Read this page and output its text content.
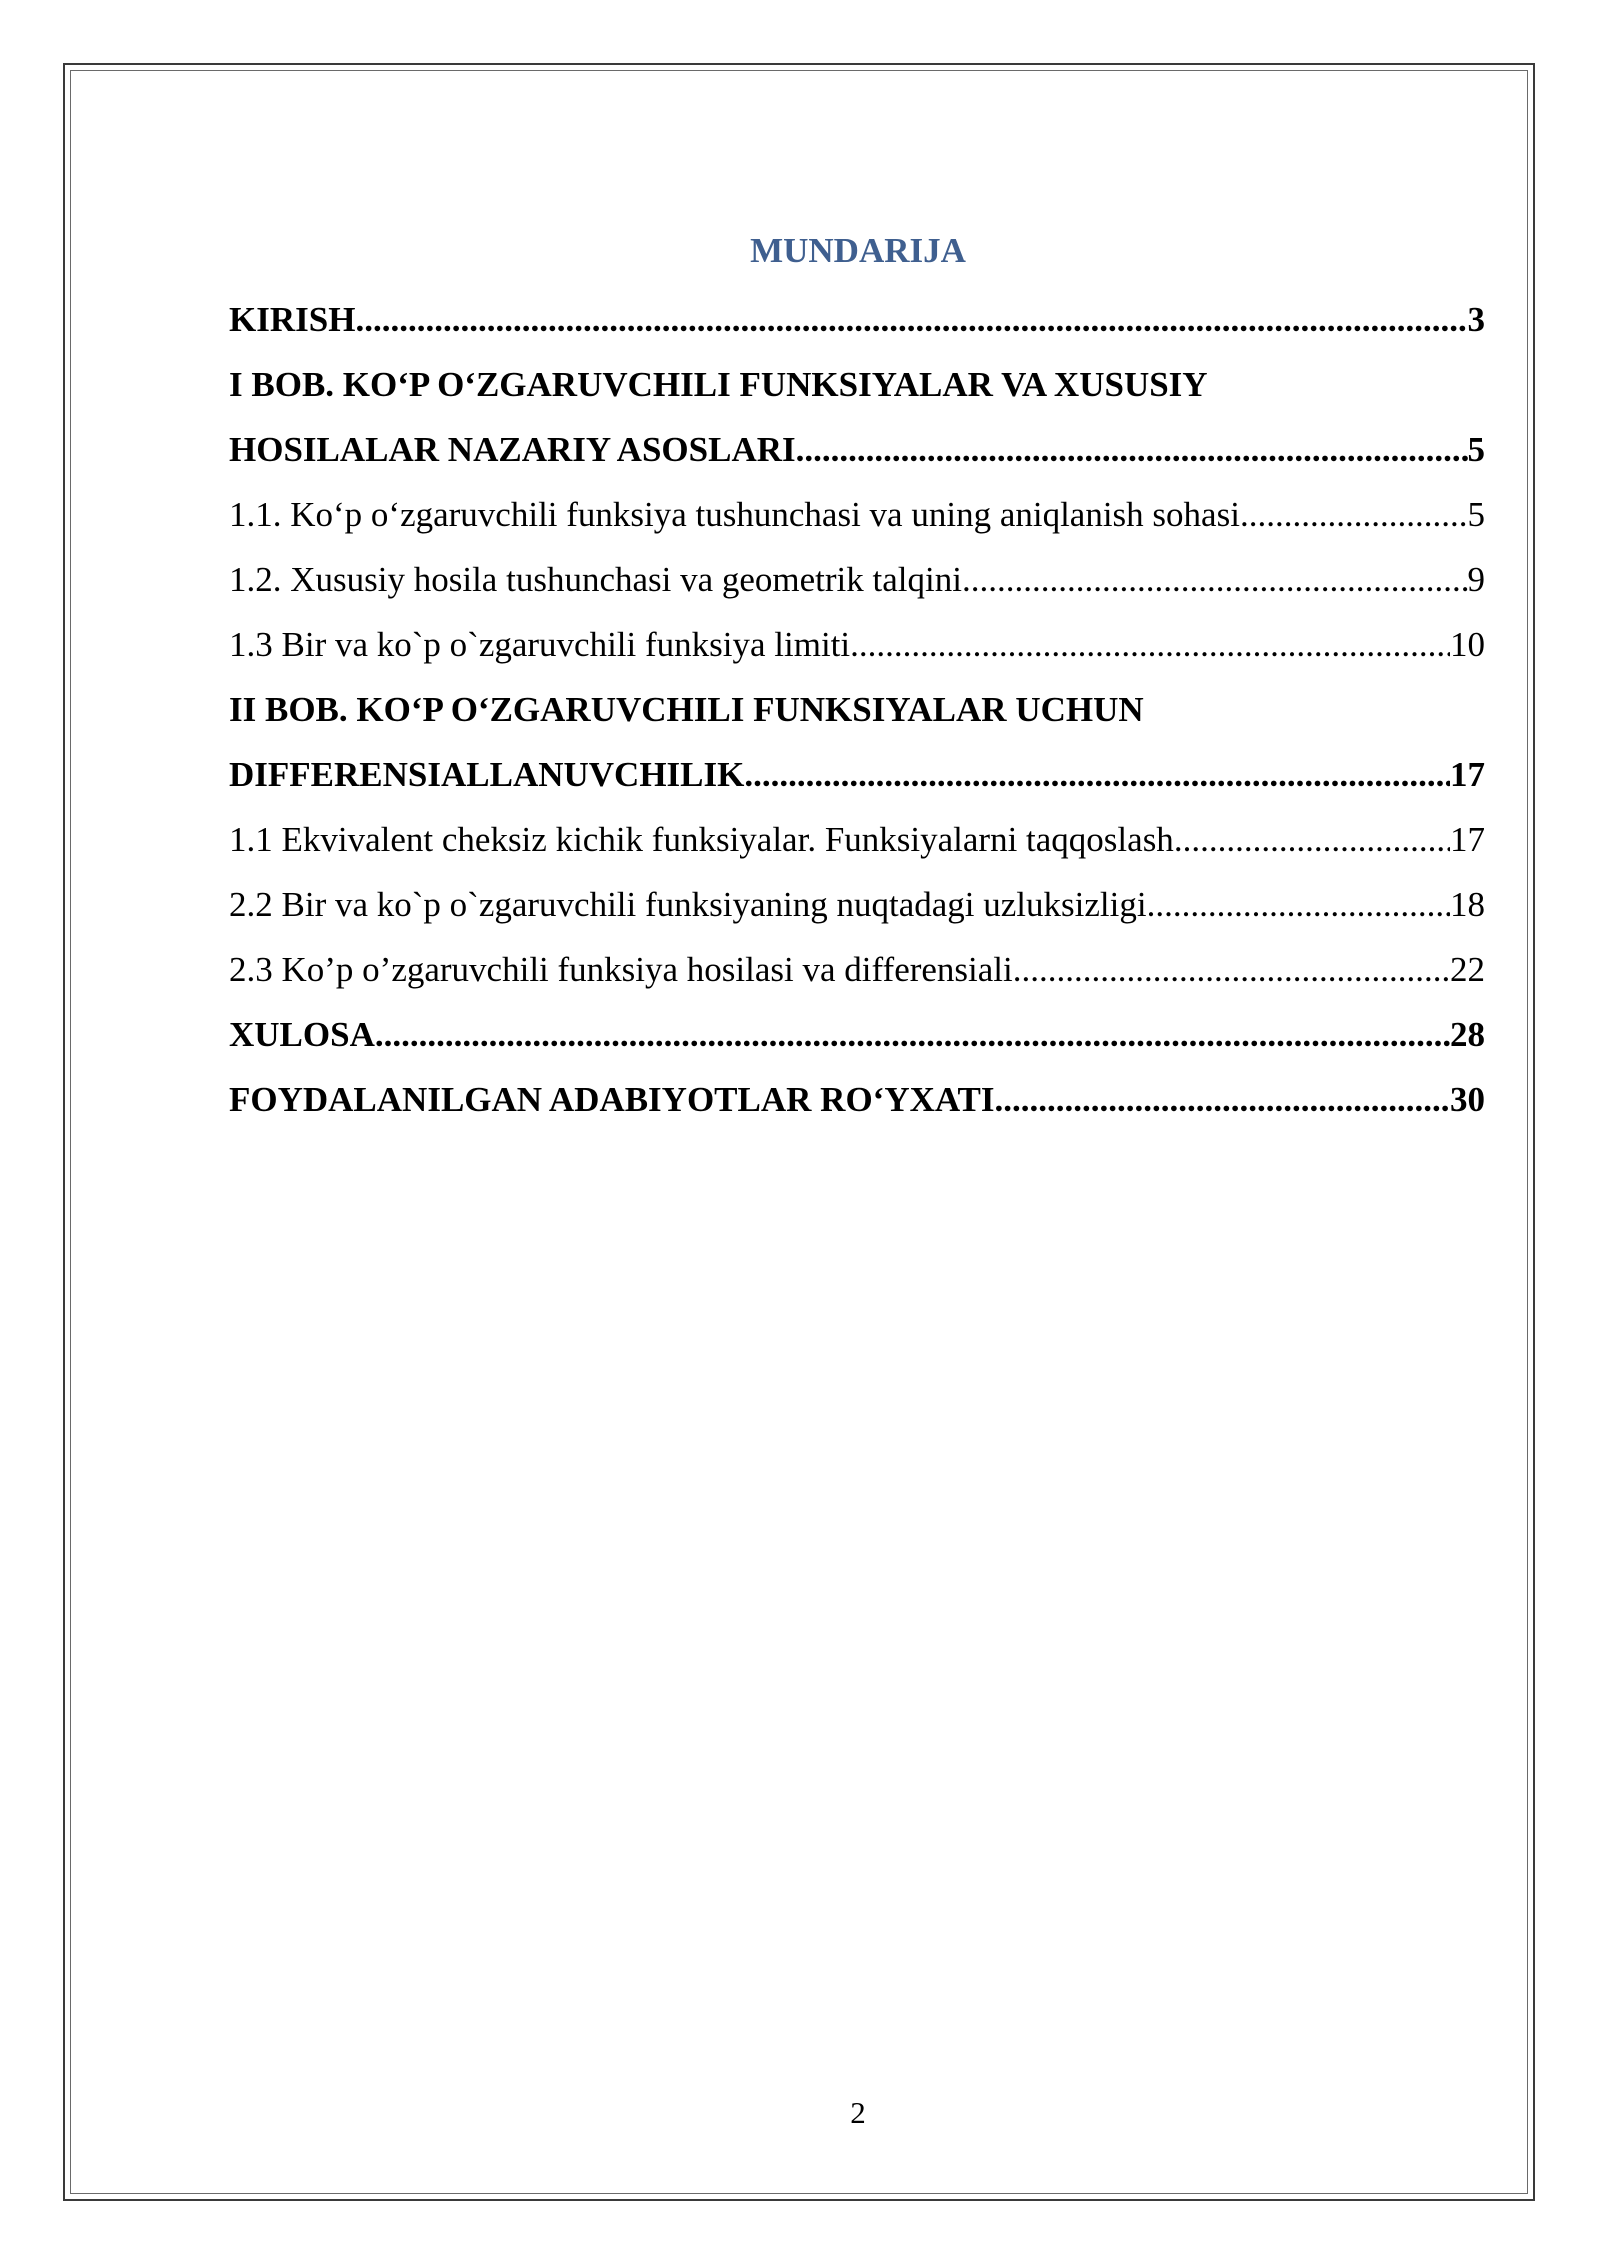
MUNDARIJA
KIRISH .....	3
I BOB. KO‘P O‘ZGARUVCHILI FUNKSIYALAR VA XUSUSIY
HOSILALAR NAZARIY ASOSLARI .....	5
1.1. Ko‘p o‘zgaruvchili funksiya tushunchasi va uning aniqlanish sohasi .....	5
1.2. Xususiy hosila tushunchasi va geometrik talqini .....	9
1.3 Bir va ko`p o`zgaruvchili funksiya limiti .....	10
II BOB. KO‘P O‘ZGARUVCHILI FUNKSIYALAR UCHUN
DIFFERENSIALLANUVCHILIK .....	17
1.1 Ekvivalent cheksiz kichik funksiyalar. Funksiyalarni taqqoslash .....	17
2.2 Bir va ko`p o`zgaruvchili funksiyaning nuqtadagi uzluksizligi .....	18
2.3 Ko’p o’zgaruvchili funksiya hosilasi va differensiali .....	22
XULOSA .....	28
FOYDALANILGAN ADABIYOTLAR RO‘YXATI .....	30
2
